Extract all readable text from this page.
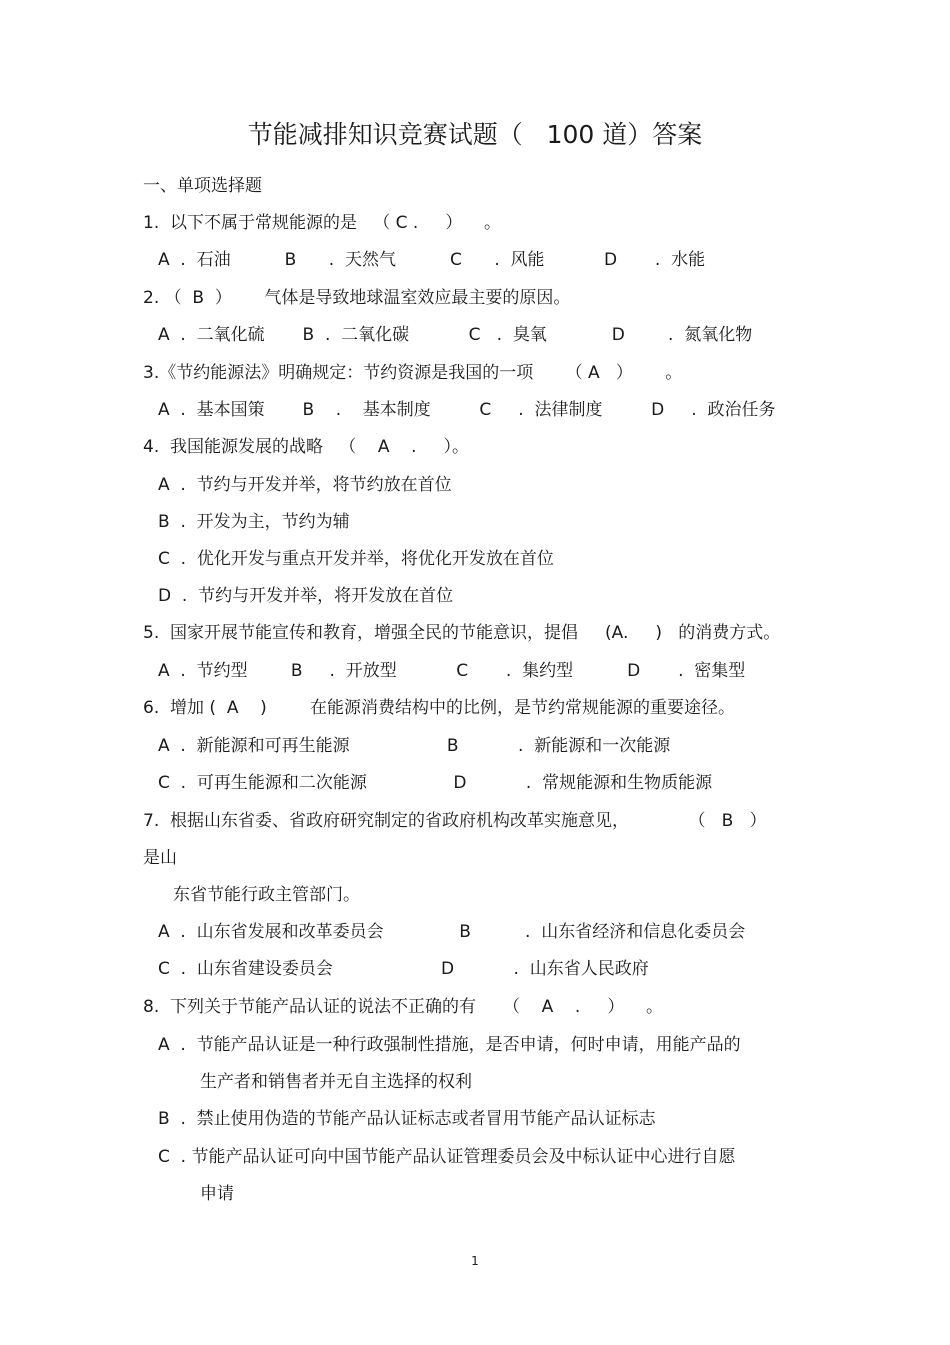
节能减排知识竞赛试题（   100 道）答案
一、单项选择题
1.  以下不属于常规能源的是   （ C .     ）    。
A  .  石油          B      .  天然气          C      .  风能           D       .  水能
2. （  B  ）      气体是导致地球温室效应最主要的原因。
A  .  二氧化硫       B  .  二氧化碳           C   .  臭氧            D        .  氮氧化物
3.《节约能源法》明确规定：节约资源是我国的一项      （ A   ）      。
A  .  基本国策       B    .    基本制度         C     .  法律制度         D     .  政治任务
4.  我国能源发展的战略   （    A    .     ）。
A  .  节约与开发并举，将节约放在首位
B  .  开发为主，节约为辅
C  .  优化开发与重点开发并举，将优化开发放在首位
D  .  节约与开发并举，将开发放在首位
5.  国家开展节能宣传和教育，增强全民的节能意识，提倡     (A.     )   的消费方式。
A  .  节约型        B     .  开放型           C       .  集约型          D       .  密集型
6.  增加 (  A    )        在能源消费结构中的比例，是节约常规能源的重要途径。
A  .  新能源和可再生能源                  B           .  新能源和一次能源
C  .  可再生能源和二次能源                D           .  常规能源和生物质能源
7.  根据山东省委、省政府研究制定的省政府机构改革实施意见，           （   B   ）
是山
东省节能行政主管部门。
A  .  山东省发展和改革委员会              B          .  山东省经济和信息化委员会
C  .  山东省建设委员会                    D           .  山东省人民政府
8.  下列关于节能产品认证的说法不正确的有     （    A    .     ）    。
A  .  节能产品认证是一种行政强制性措施，是否申请，何时申请，用能产品的
生产者和销售者并无自主选择的权利
B  .  禁止使用伪造的节能产品认证标志或者冒用节能产品认证标志
C  . 节能产品认证可向中国节能产品认证管理委员会及中标认证中心进行自愿
申请
1
